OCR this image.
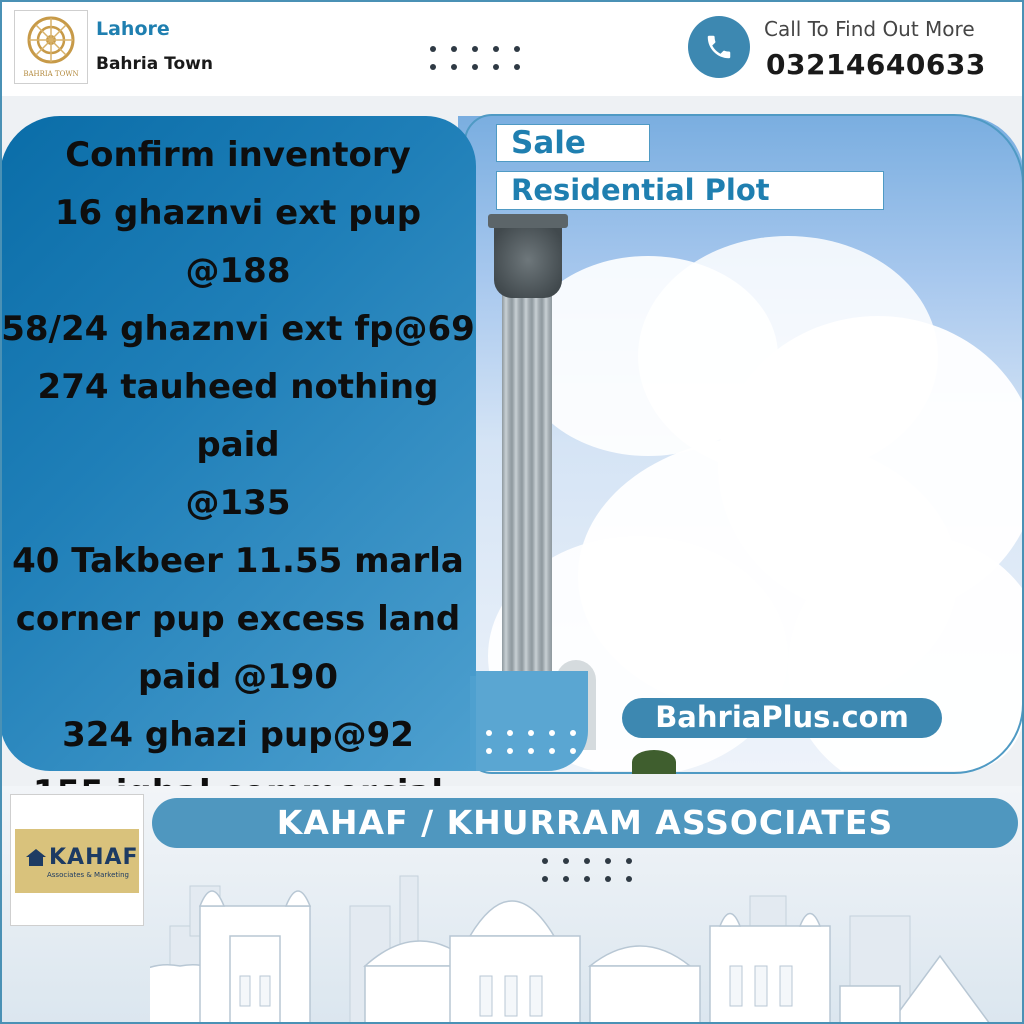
BAHRIA TOWN
Lahore
Bahria Town
Call To Find Out More
03214640633
Confirm inventory
16 ghaznvi ext pup @188
58/24 ghaznvi ext fp@69
274 tauheed nothing paid
@135
40 Takbeer 11.55 marla
corner pup excess land
paid @190
324 ghazi pup@92

Sale
Residential Plot
BahriaPlus.com
KAHAF
Associates & Marketing
KAHAF / KHURRAM ASSOCIATES
